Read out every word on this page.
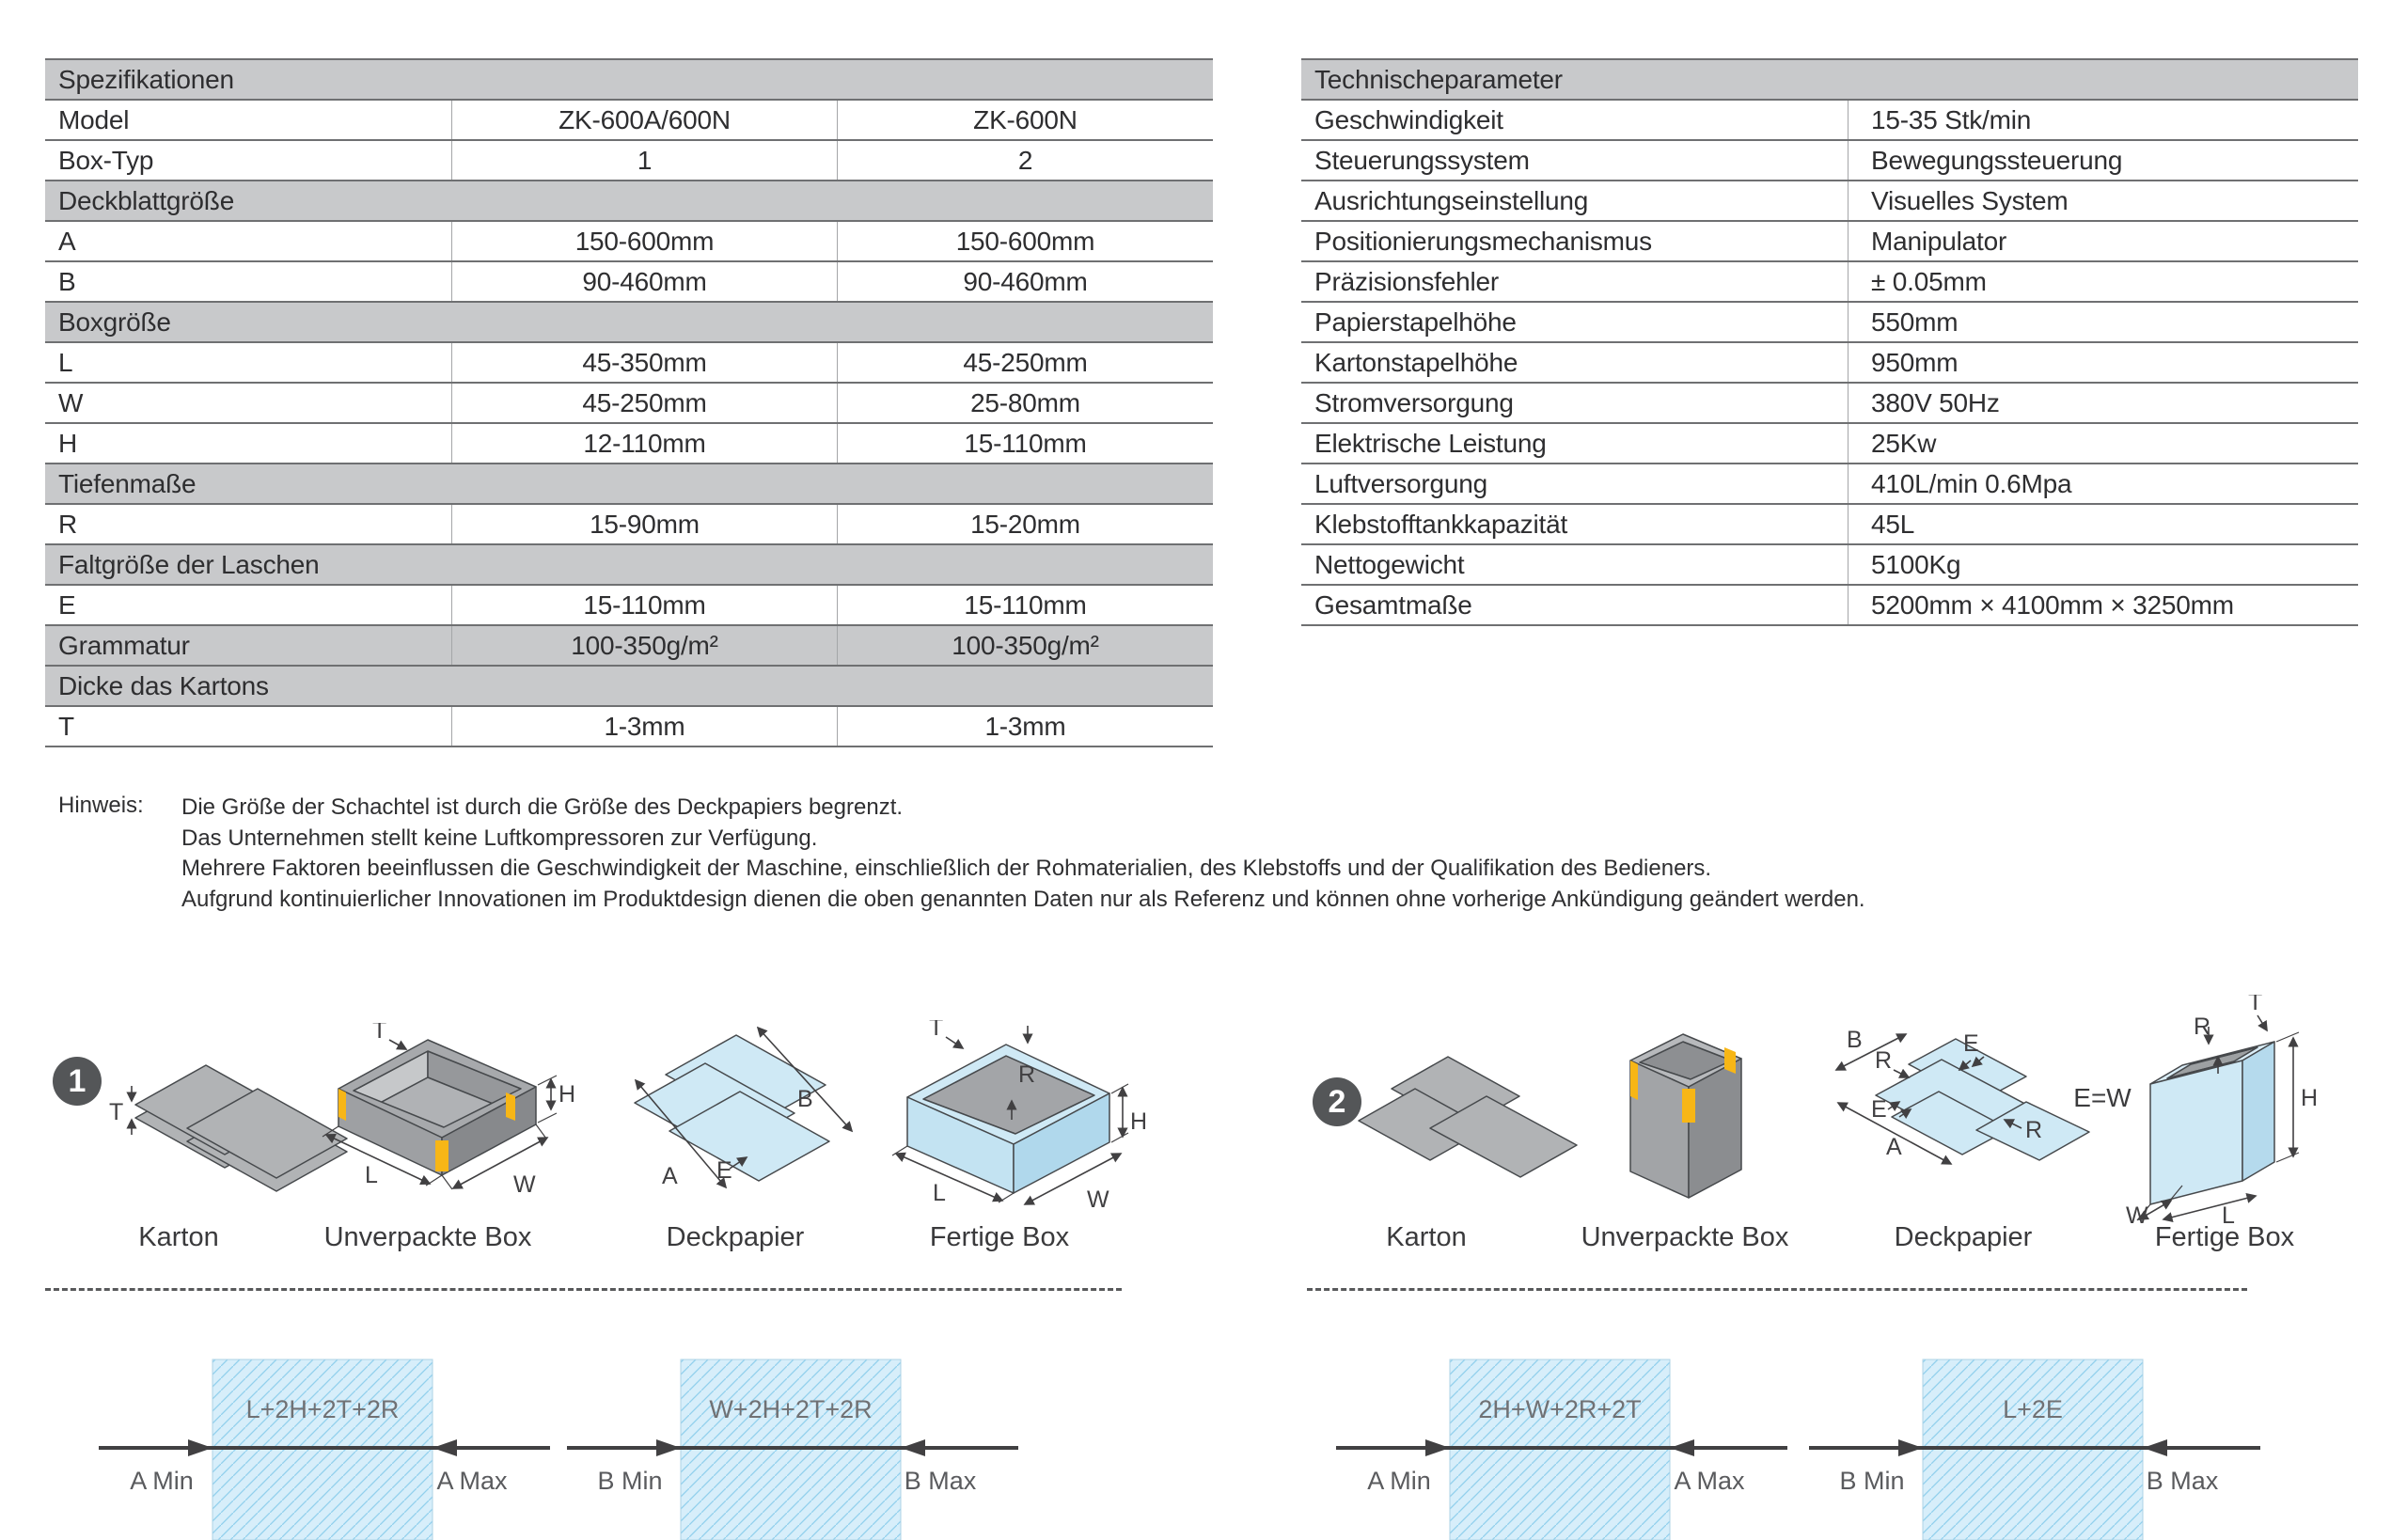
Spezifikationen
Model	ZK-600A/600N	ZK-600N
Box-Typ	1	2
Deckblattgröße
A	150-600mm	150-600mm
B	90-460mm	90-460mm
Boxgröße
L	45-350mm	45-250mm
W	45-250mm	25-80mm
H	12-110mm	15-110mm
Tiefenmaße
R	15-90mm	15-20mm
Faltgröße der Laschen
E	15-110mm	15-110mm
Grammatur	100-350g/m²	100-350g/m²
Dicke das Kartons
T	1-3mm	1-3mm
Technischeparameter
Geschwindigkeit	15-35 Stk/min
Steuerungssystem	Bewegungssteuerung
Ausrichtungseinstellung	Visuelles System
Positionierungsmechanismus	Manipulator
Präzisionsfehler	± 0.05mm
Papierstapelhöhe	550mm
Kartonstapelhöhe	950mm
Stromversorgung	380V 50Hz
Elektrische Leistung	25Kw
Luftversorgung	410L/min 0.6Mpa
Klebstofftankkapazität	45L
Nettogewicht	5100Kg
Gesamtmaße	5200mm × 4100mm × 3250mm
Hinweis: Die Größe der Schachtel ist durch die Größe des Deckpapiers begrenzt.
Das Unternehmen stellt keine Luftkompressoren zur Verfügung.
Mehrere Faktoren beeinflussen die Geschwindigkeit der Maschine, einschließlich der Rohmaterialien, des Klebstoffs und der Qualifikation des Bedieners.
Aufgrund kontinuierlicher Innovationen im Produktdesign dienen die oben genannten Daten nur als Referenz und können ohne vorherige Ankündigung geändert werden.
1
T
T
H
L	W	A
B
E
T
R
H
L	W
Karton	Unverpackte Box	Deckpapier	Fertige Box
2
B
R
E
E
A
R
E=W
R
T
H
W	L
Karton	Unverpackte Box	Deckpapier	Fertige Box
L+2H+2T+2R
A Min	A Max
W+2H+2T+2R
B Min	B Max
2H+W+2R+2T
A Min	A Max
L+2E
B Min	B Max
